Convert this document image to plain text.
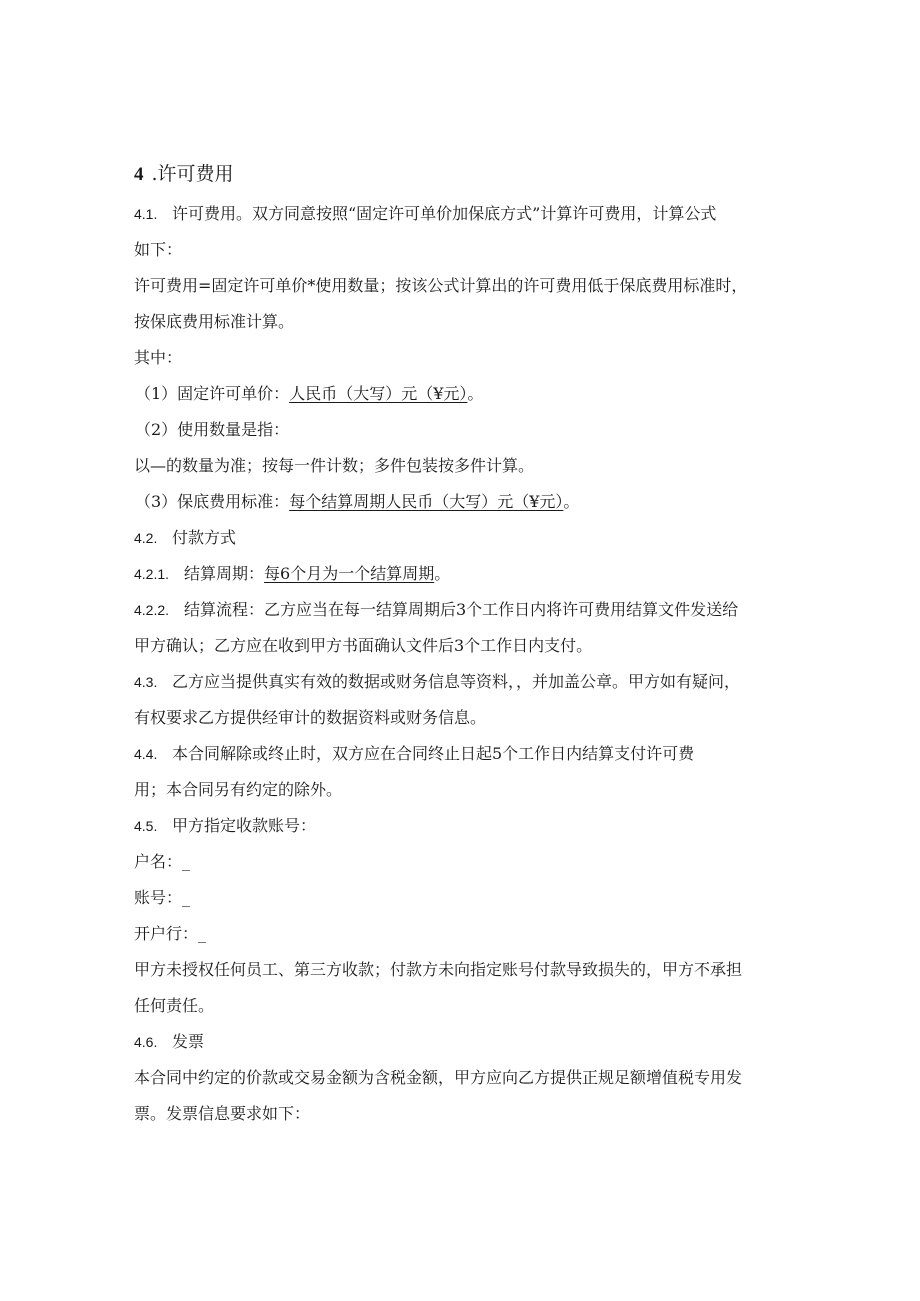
4 .许可费用
4.1. 许可费用。双方同意按照“固定许可单价加保底方式”计算许可费用，计算公式
如下：
许可费用=固定许可单价*使用数量；按该公式计算出的许可费用低于保底费用标准时，
按保底费用标准计算。
其中：
（1）固定许可单价：人民币（大写）元（¥元）。
（2）使用数量是指：
以—的数量为准；按每一件计数；多件包装按多件计算。
（3）保底费用标准：每个结算周期人民币（大写）元（¥元）。
4.2. 付款方式
4.2.1. 结算周期：每6个月为一个结算周期。
4.2.2. 结算流程：乙方应当在每一结算周期后3个工作日内将许可费用结算文件发送给
甲方确认；乙方应在收到甲方书面确认文件后3个工作日内支付。
4.3. 乙方应当提供真实有效的数据或财务信息等资料，，并加盖公章。甲方如有疑问，
有权要求乙方提供经审计的数据资料或财务信息。
4.4. 本合同解除或终止时，双方应在合同终止日起5个工作日内结算支付许可费
用；本合同另有约定的除外。
4.5. 甲方指定收款账号：
户名：_
账号：_
开户行：_
甲方未授权任何员工、第三方收款；付款方未向指定账号付款导致损失的，甲方不承担
任何责任。
4.6. 发票
本合同中约定的价款或交易金额为含税金额，甲方应向乙方提供正规足额增值税专用发
票。发票信息要求如下：
